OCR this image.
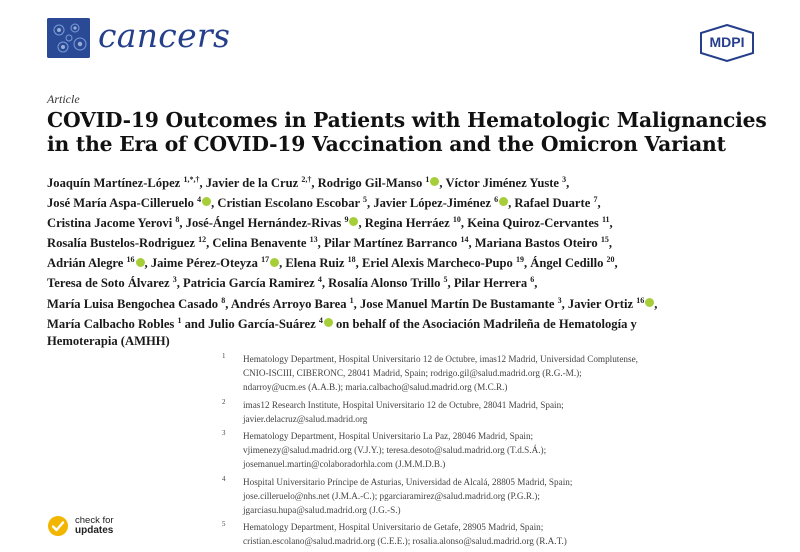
cancers	MDPI
Article
COVID-19 Outcomes in Patients with Hematologic Malignancies
in the Era of COVID-19 Vaccination and the Omicron Variant
Joaquín Martínez-López $^{1,*,\dagger}$, Javier de la Cruz $^{2,\dagger}$, Rodrigo Gil-Manso $^1$ , Víctor Jiménez Yuste $^3$,
José María Aspa-Cilleruelo $^4$ , Cristian Escolano Escobar $^5$, Javier López-Jiménez $^6$ , Rafael Duarte $^7$,
Cristina Jacome Yerovi $^8$, José-Ángel Hernández-Rivas $^9$ , Regina Herráez $^{10}$, Keina Quiroz-Cervantes $^{11}$,
Rosalía Bustelos-Rodriguez $^{12}$, Celina Benavente $^{13}$, Pilar Martínez Barranco $^{14}$, Mariana Bastos Oteiro $^{15}$,
Adrián Alegre $^{16}$ , Jaime Pérez-Oteyza $^{17}$ , Elena Ruiz $^{18}$, Eriel Alexis Marcheco-Pupo $^{19}$, Ángel Cedillo $^{20}$,
Teresa de Soto Álvarez $^3$, Patricia García Ramirez $^4$, Rosalía Alonso Trillo $^5$, Pilar Herrera $^6$,
María Luisa Bengochea Casado $^8$, Andrés Arroyo Barea $^1$, Jose Manuel Martín De Bustamante $^3$, Javier Ortiz $^{16}$ ,
María Calbacho Robles $^1$ and Julio García-Suárez $^4$ on behalf of the Asociación Madrileña de Hematología y
Hemoterapia (AMHH)
1 Hematology Department, Hospital Universitario 12 de Octubre, imas12 Madrid, Universidad Complutense,
CNIO-ISCIII, CIBERONC, 28041 Madrid, Spain; rodrigo.gil@salud.madrid.org (R.G.-M.);
ndarroy@ucm.es (A.A.B.); maria.calbacho@salud.madrid.org (M.C.R.)
2 imas12 Research Institute, Hospital Universitario 12 de Octubre, 28041 Madrid, Spain;
javier.delacruz@salud.madrid.org
3 Hematology Department, Hospital Universitario La Paz, 28046 Madrid, Spain;
vjimenezy@salud.madrid.org (V.J.Y.); teresa.desoto@salud.madrid.org (T.d.S.Á.);
josemanuel.martin@colaboradorhla.com (J.M.M.D.B.)
4 Hospital Universitario Príncipe de Asturias, Universidad de Alcalá, 28805 Madrid, Spain;
jose.cilleruelo@nhs.net (J.M.A.-C.); pgarciaramirez@salud.madrid.org (P.G.R.);
jgarciasu.hupa@salud.madrid.org (J.G.-S.)
5 Hematology Department, Hospital Universitario de Getafe, 28905 Madrid, Spain;
cristian.escolano@salud.madrid.org (C.E.E.); rosalia.alonso@salud.madrid.org (R.A.T.)
check for
updates
